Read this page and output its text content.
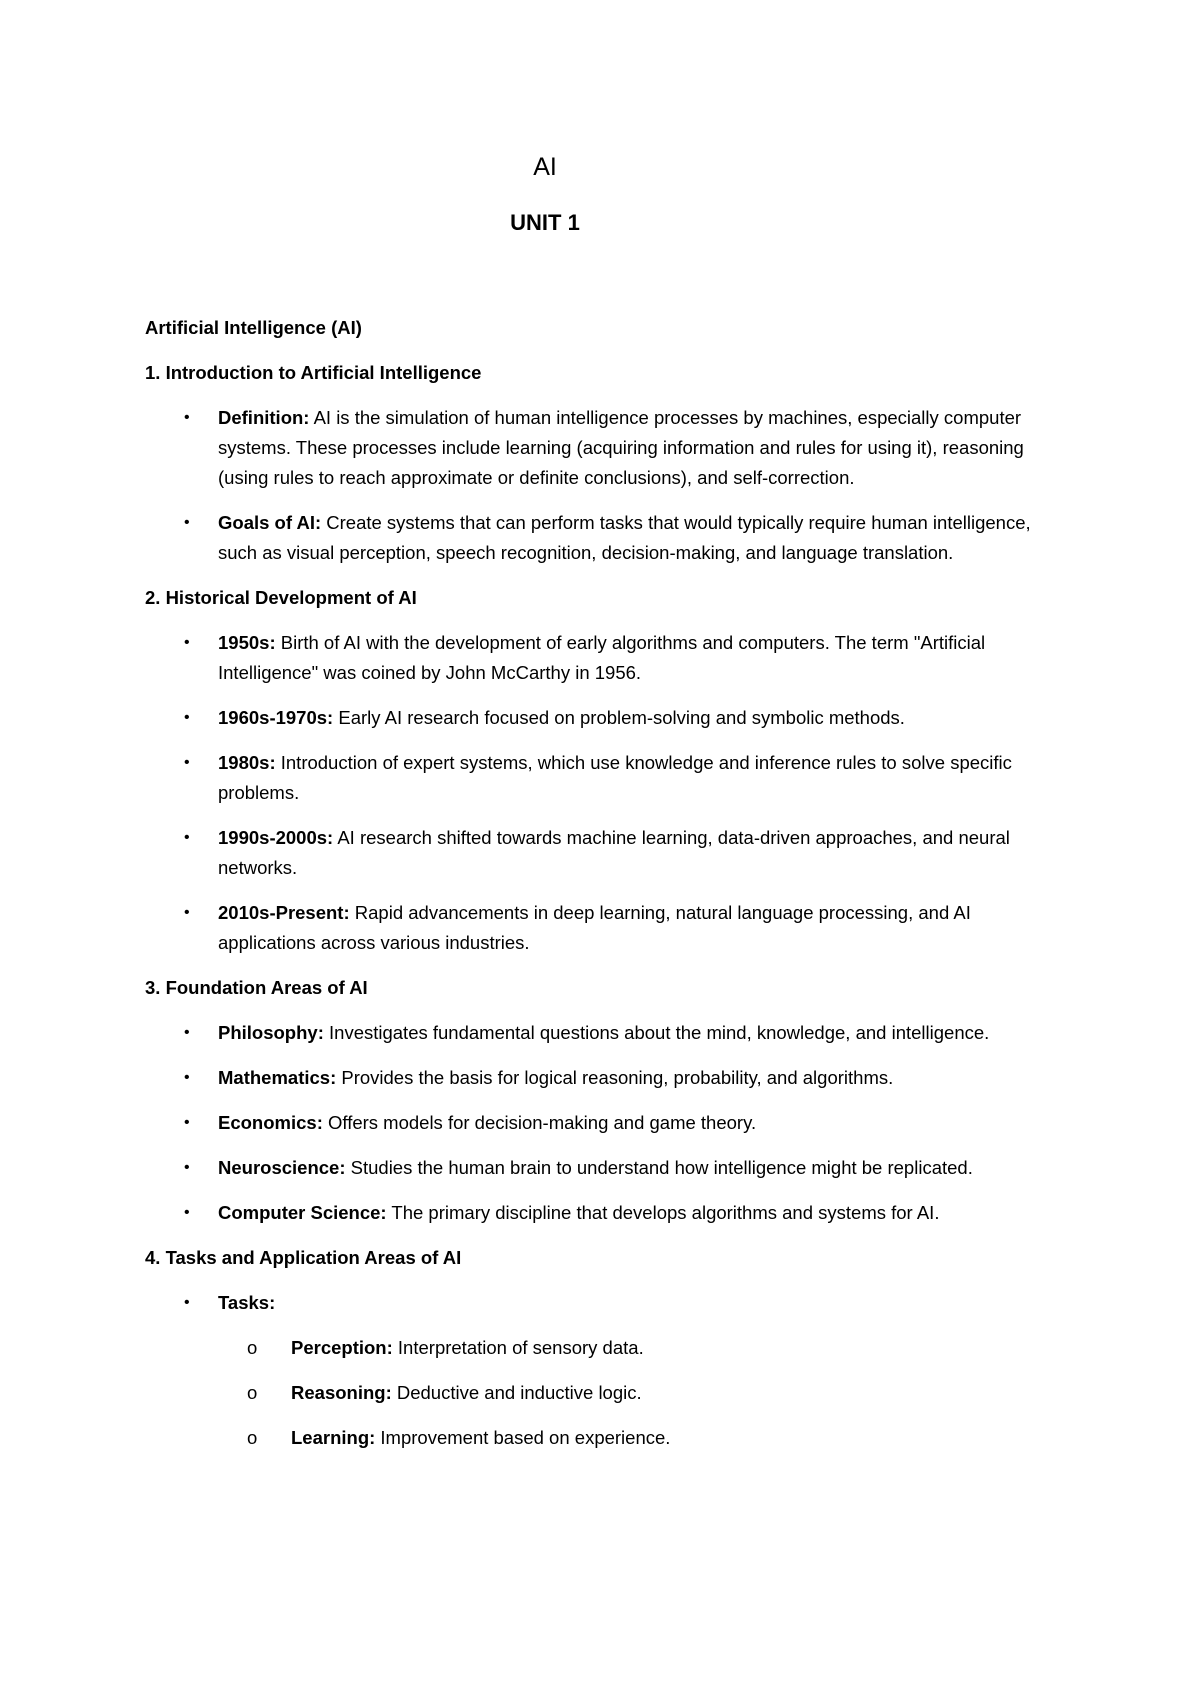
AI
UNIT 1
Artificial Intelligence (AI)
1. Introduction to Artificial Intelligence
• Definition: AI is the simulation of human intelligence processes by machines, especially computer systems. These processes include learning (acquiring information and rules for using it), reasoning (using rules to reach approximate or definite conclusions), and self-correction.
• Goals of AI: Create systems that can perform tasks that would typically require human intelligence, such as visual perception, speech recognition, decision-making, and language translation.
2. Historical Development of AI
• 1950s: Birth of AI with the development of early algorithms and computers. The term "Artificial Intelligence" was coined by John McCarthy in 1956.
• 1960s-1970s: Early AI research focused on problem-solving and symbolic methods.
• 1980s: Introduction of expert systems, which use knowledge and inference rules to solve specific problems.
• 1990s-2000s: AI research shifted towards machine learning, data-driven approaches, and neural networks.
• 2010s-Present: Rapid advancements in deep learning, natural language processing, and AI applications across various industries.
3. Foundation Areas of AI
• Philosophy: Investigates fundamental questions about the mind, knowledge, and intelligence.
• Mathematics: Provides the basis for logical reasoning, probability, and algorithms.
• Economics: Offers models for decision-making and game theory.
• Neuroscience: Studies the human brain to understand how intelligence might be replicated.
• Computer Science: The primary discipline that develops algorithms and systems for AI.
4. Tasks and Application Areas of AI
• Tasks:
o Perception: Interpretation of sensory data.
o Reasoning: Deductive and inductive logic.
o Learning: Improvement based on experience.
